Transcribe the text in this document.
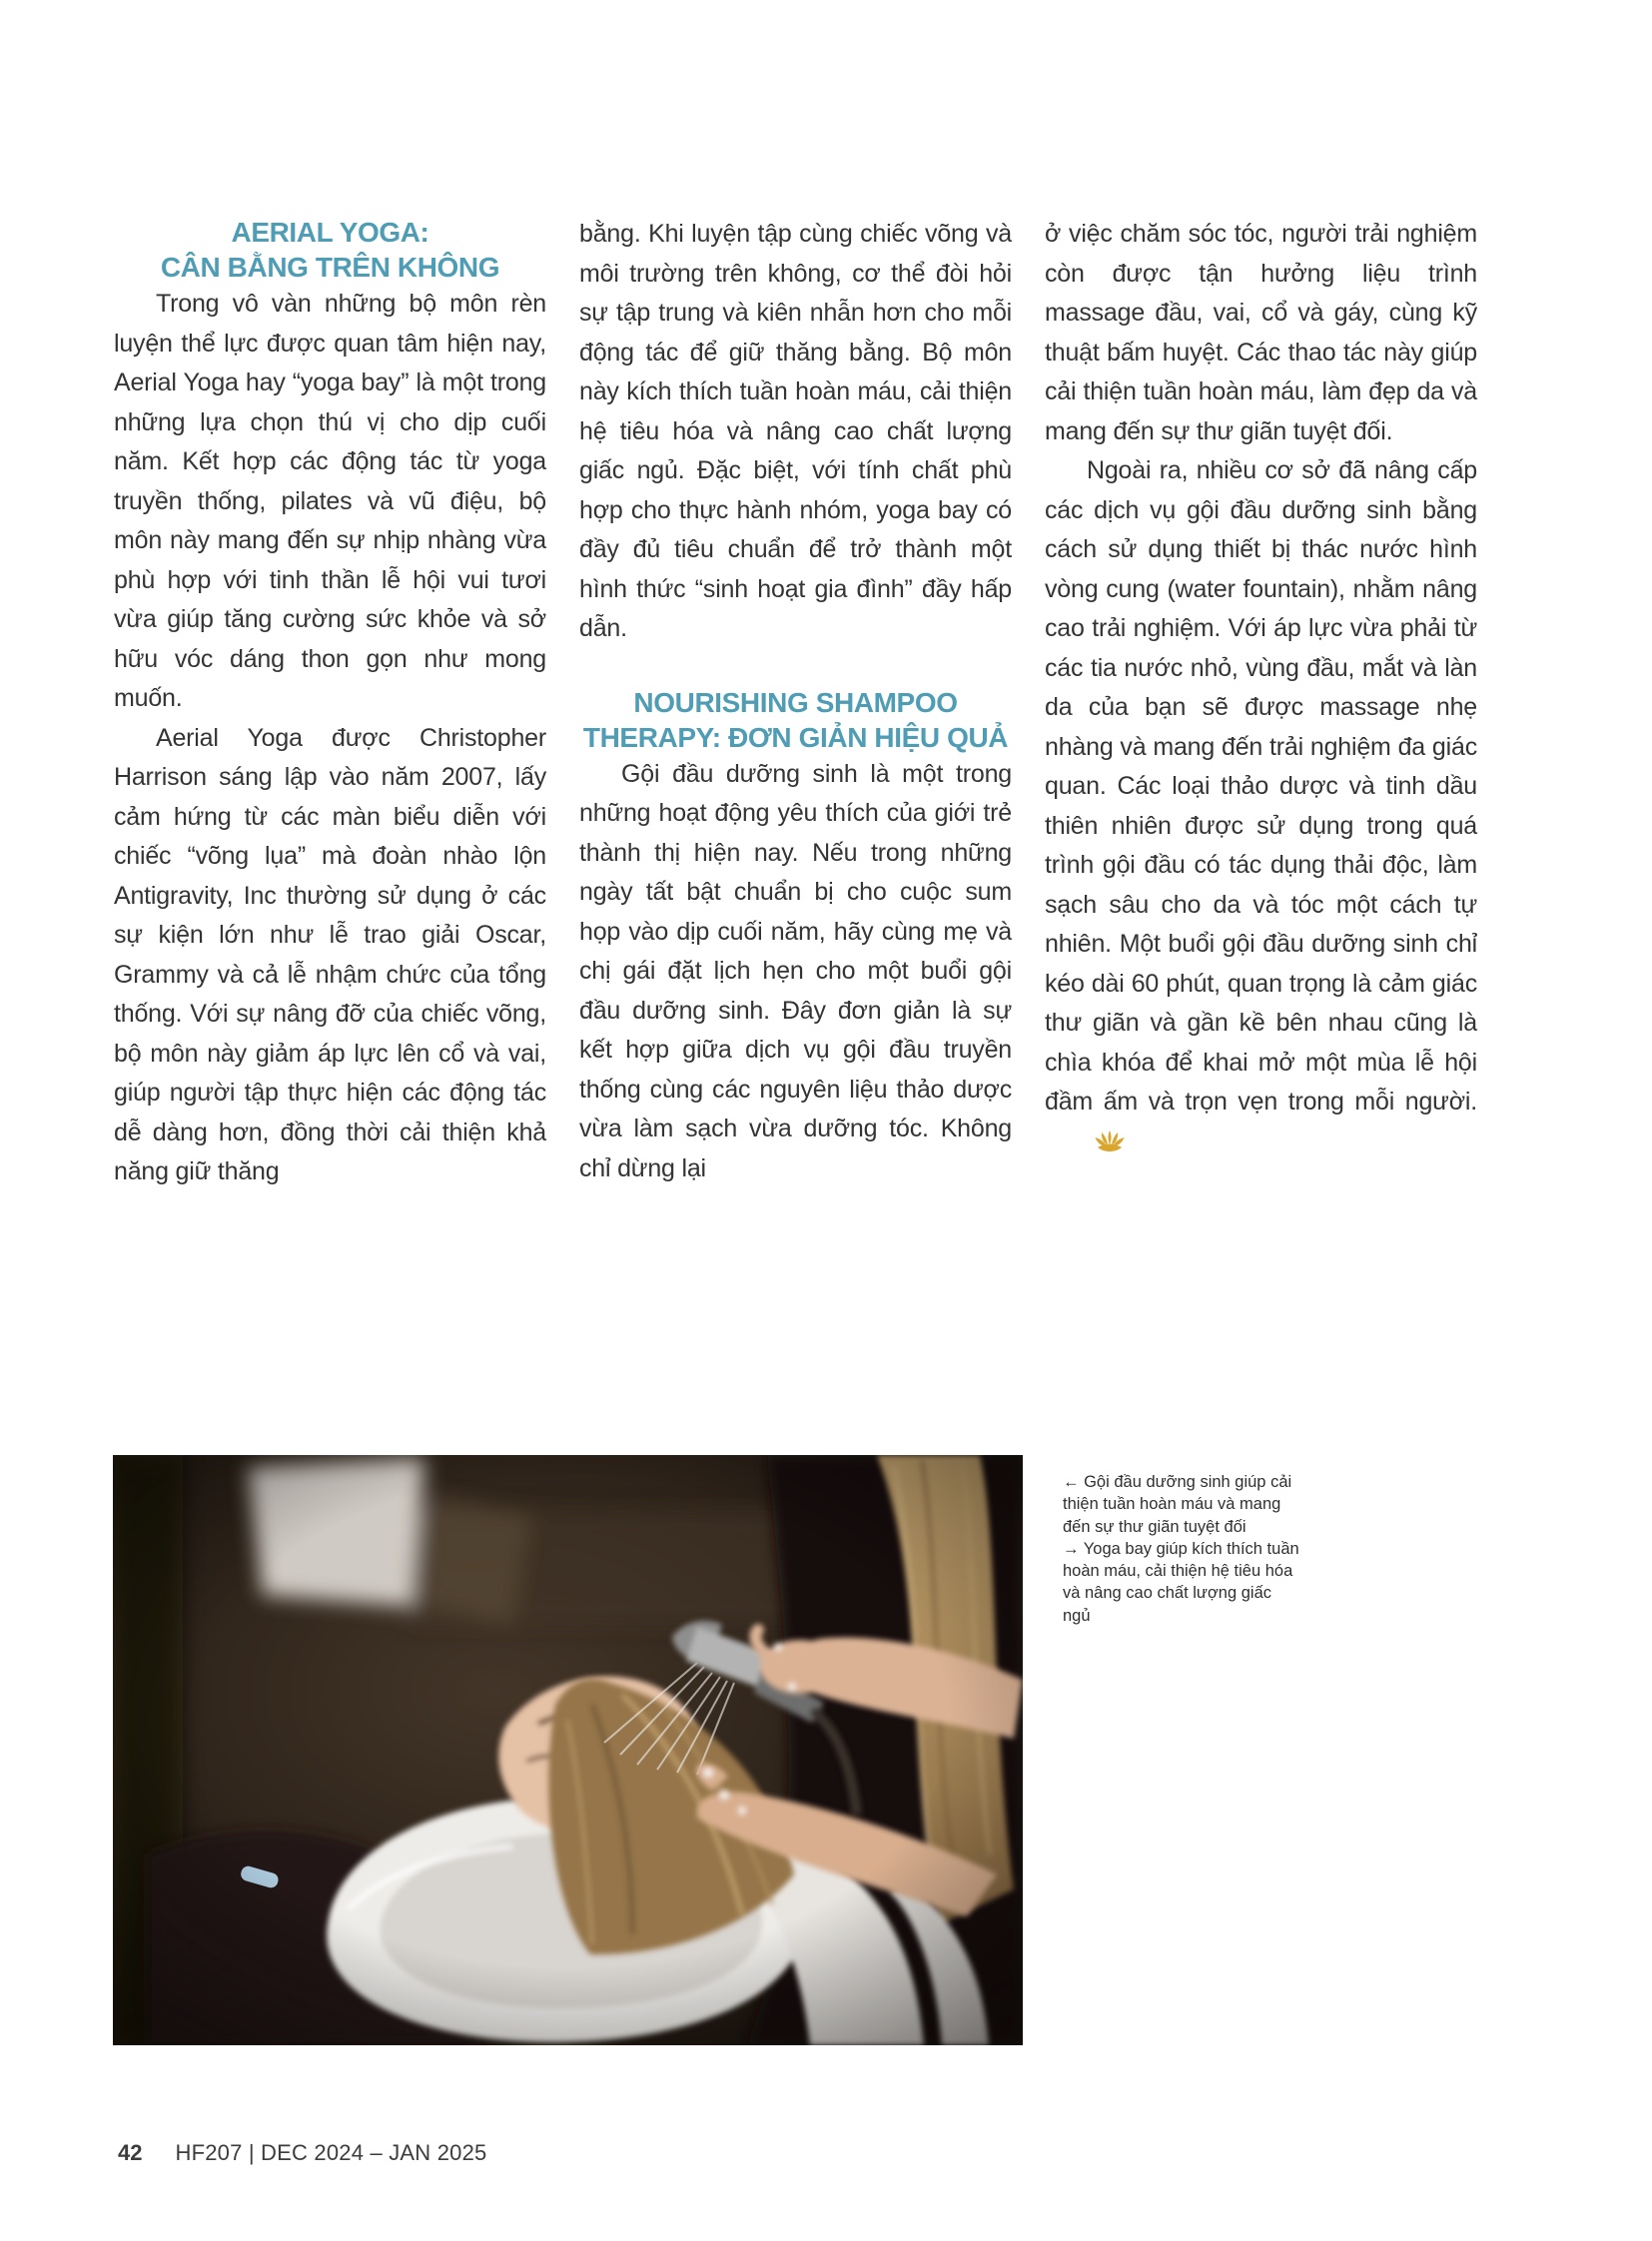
AERIAL YOGA:
CÂN BẰNG TRÊN KHÔNG

Trong vô vàn những bộ môn rèn luyện thể lực được quan tâm hiện nay, Aerial Yoga hay “yoga bay” là một trong những lựa chọn thú vị cho dịp cuối năm. Kết hợp các động tác từ yoga truyền thống, pilates và vũ điệu, bộ môn này mang đến sự nhịp nhàng vừa phù hợp với tinh thần lễ hội vui tươi vừa giúp tăng cường sức khỏe và sở hữu vóc dáng thon gọn như mong muốn.

Aerial Yoga được Christopher Harrison sáng lập vào năm 2007, lấy cảm hứng từ các màn biểu diễn với chiếc “võng lụa” mà đoàn nhào lộn Antigravity, Inc thường sử dụng ở các sự kiện lớn như lễ trao giải Oscar, Grammy và cả lễ nhậm chức của tổng thống. Với sự nâng đỡ của chiếc võng, bộ môn này giảm áp lực lên cổ và vai, giúp người tập thực hiện các động tác dễ dàng hơn, đồng thời cải thiện khả năng giữ thăng

bằng. Khi luyện tập cùng chiếc võng và môi trường trên không, cơ thể đòi hỏi sự tập trung và kiên nhẫn hơn cho mỗi động tác để giữ thăng bằng. Bộ môn này kích thích tuần hoàn máu, cải thiện hệ tiêu hóa và nâng cao chất lượng giấc ngủ. Đặc biệt, với tính chất phù hợp cho thực hành nhóm, yoga bay có đầy đủ tiêu chuẩn để trở thành một hình thức “sinh hoạt gia đình” đầy hấp dẫn.

NOURISHING SHAMPOO
THERAPY: ĐƠN GIẢN HIỆU QUẢ

Gội đầu dưỡng sinh là một trong những hoạt động yêu thích của giới trẻ thành thị hiện nay. Nếu trong những ngày tất bật chuẩn bị cho cuộc sum họp vào dịp cuối năm, hãy cùng mẹ và chị gái đặt lịch hẹn cho một buổi gội đầu dưỡng sinh. Đây đơn giản là sự kết hợp giữa dịch vụ gội đầu truyền thống cùng các nguyên liệu thảo dược vừa làm sạch vừa dưỡng tóc. Không chỉ dừng lại

ở việc chăm sóc tóc, người trải nghiệm còn được tận hưởng liệu trình massage đầu, vai, cổ và gáy, cùng kỹ thuật bấm huyệt. Các thao tác này giúp cải thiện tuần hoàn máu, làm đẹp da và mang đến sự thư giãn tuyệt đối.

Ngoài ra, nhiều cơ sở đã nâng cấp các dịch vụ gội đầu dưỡng sinh bằng cách sử dụng thiết bị thác nước hình vòng cung (water fountain), nhằm nâng cao trải nghiệm. Với áp lực vừa phải từ các tia nước nhỏ, vùng đầu, mắt và làn da của bạn sẽ được massage nhẹ nhàng và mang đến trải nghiệm đa giác quan. Các loại thảo dược và tinh dầu thiên nhiên được sử dụng trong quá trình gội đầu có tác dụng thải độc, làm sạch sâu cho da và tóc một cách tự nhiên. Một buổi gội đầu dưỡng sinh chỉ kéo dài 60 phút, quan trọng là cảm giác thư giãn và gần kề bên nhau cũng là chìa khóa để khai mở một mùa lễ hội đầm ấm và trọn vẹn trong mỗi người.

← Gội đầu dưỡng sinh giúp cải thiện tuần hoàn máu và mang đến sự thư giãn tuyệt đối

→ Yoga bay giúp kích thích tuần hoàn máu, cải thiện hệ tiêu hóa và nâng cao chất lượng giấc ngủ

42 HF207 | DEC 2024 – JAN 2025
